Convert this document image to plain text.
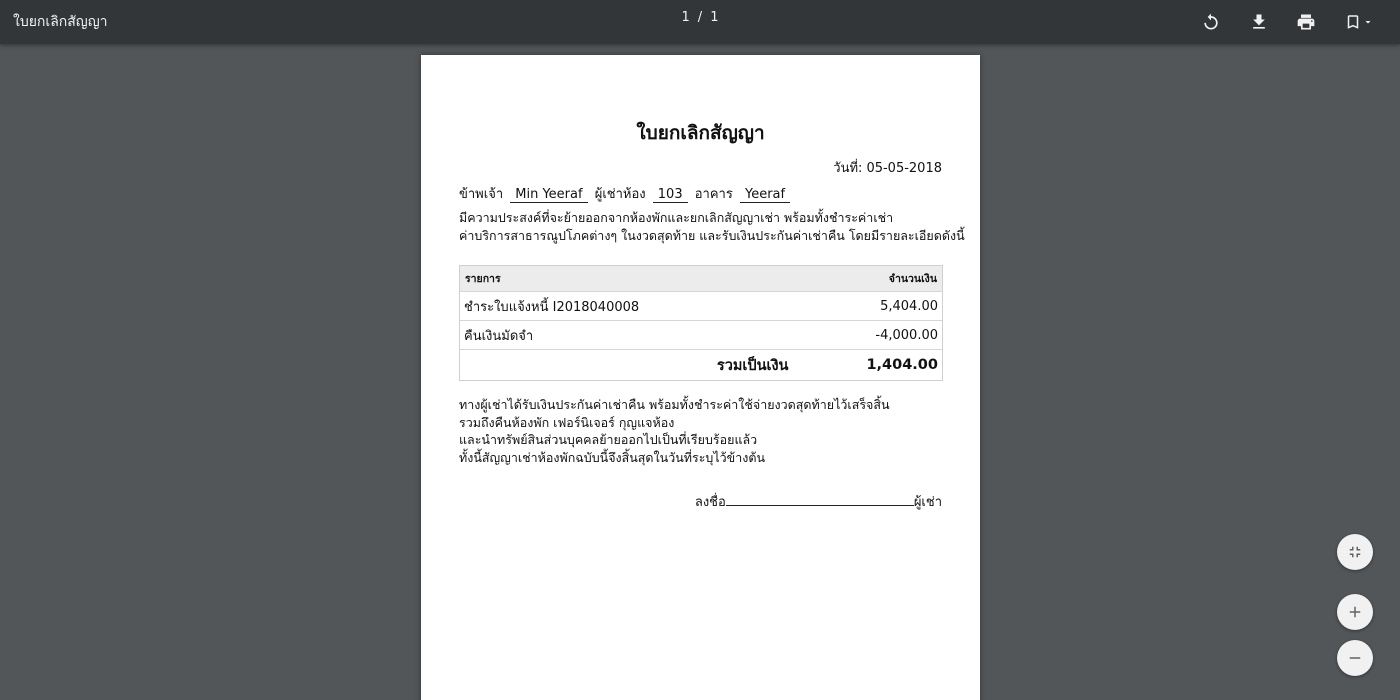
ใบยกเลิกสัญญา	1 / 1
ใบยกเลิกสัญญา
วันที่: 05-05-2018
ข้าพเจ้า Min Yeeraf ผู้เช่าห้อง 103 อาคาร Yeeraf
มีความประสงค์ที่จะย้ายออกจากห้องพักและยกเลิกสัญญาเช่า พร้อมทั้งชำระค่าเช่า
ค่าบริการสาธารณูปโภคต่างๆ ในงวดสุดท้าย และรับเงินประกันค่าเช่าคืน โดยมีรายละเอียดดังนี้
รายการ	จำนวนเงิน
ชำระใบแจ้งหนี้ I2018040008	5,404.00
คืนเงินมัดจำ	-4,000.00
รวมเป็นเงิน	1,404.00
ทางผู้เช่าได้รับเงินประกันค่าเช่าคืน พร้อมทั้งชำระค่าใช้จ่ายงวดสุดท้ายไว้เสร็จสิ้น
รวมถึงคืนห้องพัก เฟอร์นิเจอร์ กุญแจห้อง
และนำทรัพย์สินส่วนบุคคลย้ายออกไปเป็นที่เรียบร้อยแล้ว
ทั้งนี้สัญญาเช่าห้องพักฉบับนี้จึงสิ้นสุดในวันที่ระบุไว้ข้างต้น
ลงชื่อ	ผู้เช่า
